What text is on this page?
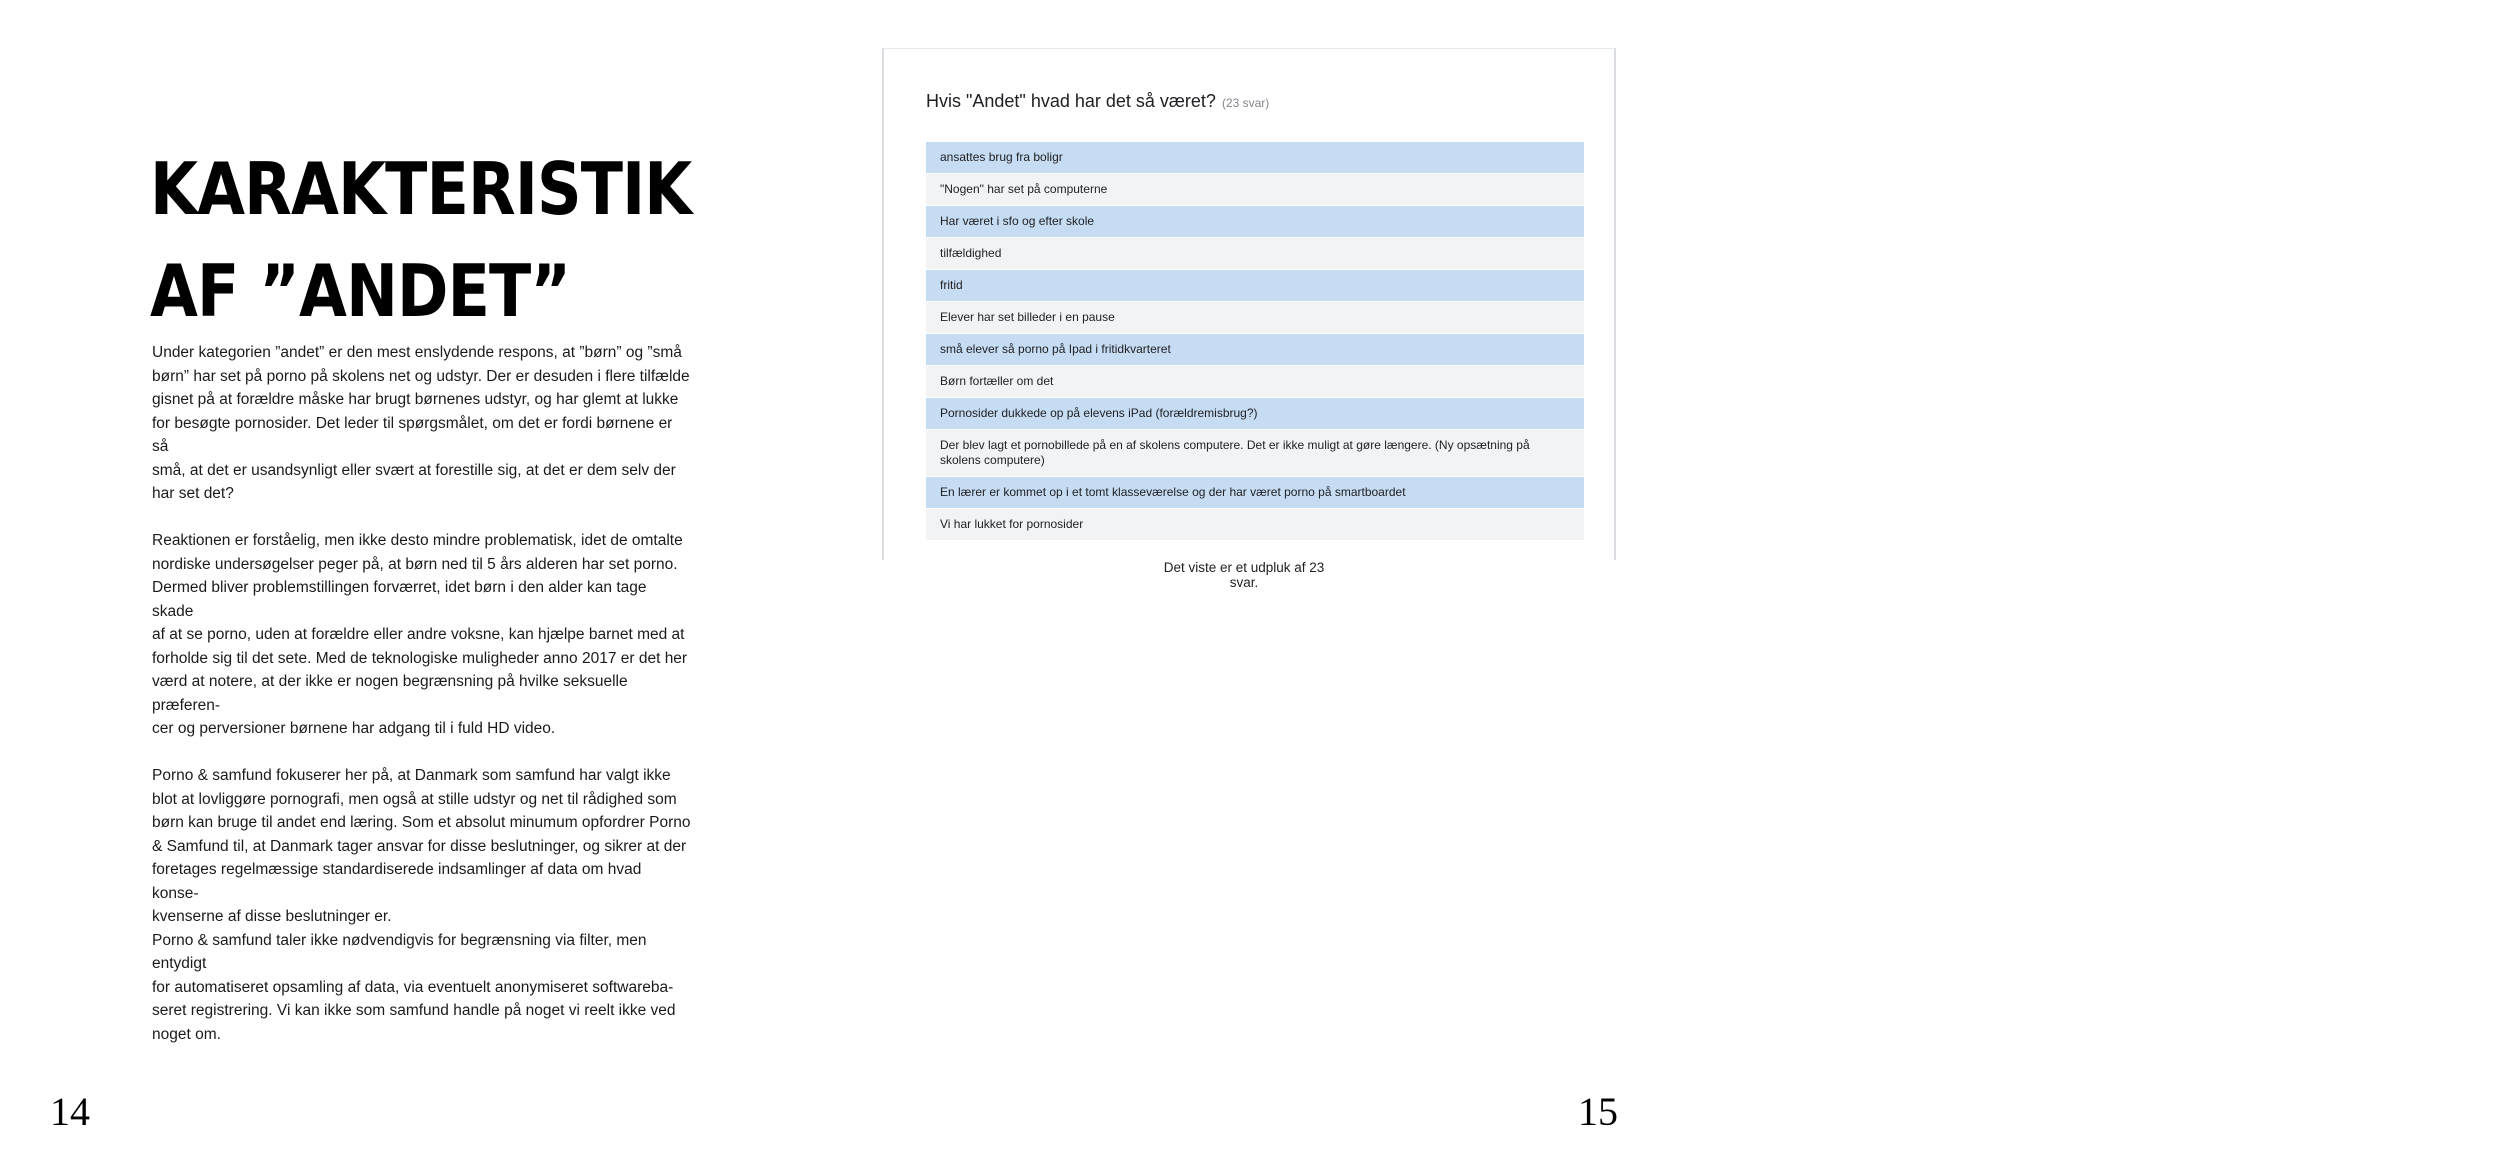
KARAKTERISTIK
AF ”ANDET”

Under kategorien ”andet” er den mest enslydende respons, at ”børn” og ”små
børn” har set på porno på skolens net og udstyr. Der er desuden i flere tilfælde
gisnet på at forældre måske har brugt børnenes udstyr, og har glemt at lukke
for besøgte pornosider. Det leder til spørgsmålet, om det er fordi børnene er så
små, at det er usandsynligt eller svært at forestille sig, at det er dem selv der
har set det?

Reaktionen er forståelig, men ikke desto mindre problematisk, idet de omtalte
nordiske undersøgelser peger på, at børn ned til 5 års alderen har set porno.
Dermed bliver problemstillingen forværret, idet børn i den alder kan tage skade
af at se porno, uden at forældre eller andre voksne, kan hjælpe barnet med at
forholde sig til det sete. Med de teknologiske muligheder anno 2017 er det her
værd at notere, at der ikke er nogen begrænsning på hvilke seksuelle præferen-
cer og perversioner børnene har adgang til i fuld HD video.

Porno & samfund fokuserer her på, at Danmark som samfund har valgt ikke
blot at lovliggøre pornografi, men også at stille udstyr og net til rådighed som
børn kan bruge til andet end læring. Som et absolut minumum opfordrer Porno
& Samfund til, at Danmark tager ansvar for disse beslutninger, og sikrer at der
foretages regelmæssige standardiserede indsamlinger af data om hvad konse-
kvenserne af disse beslutninger er.

Porno & samfund taler ikke nødvendigvis for begrænsning via filter, men entydigt
for automatiseret opsamling af data, via eventuelt anonymiseret softwareba-
seret registrering. Vi kan ikke som samfund handle på noget vi reelt ikke ved
noget om.

14
Hvis "Andet" hvad har det så været? (23 svar)
ansattes brug fra boligr
"Nogen" har set på computerne
Har været i sfo og efter skole
tilfældighed
fritid
Elever har set billeder i en pause
små elever så porno på Ipad i fritidkvarteret
Børn fortæller om det
Pornosider dukkede op på elevens iPad (forældremisbrug?)
Der blev lagt et pornobillede på en af skolens computere. Det er ikke muligt at gøre længere. (Ny opsætning på skolens computere)
En lærer er kommet op i et tomt klasseværelse og der har været porno på smartboardet
Vi har lukket for pornosider
Det viste er et udpluk af 23 svar.
15
